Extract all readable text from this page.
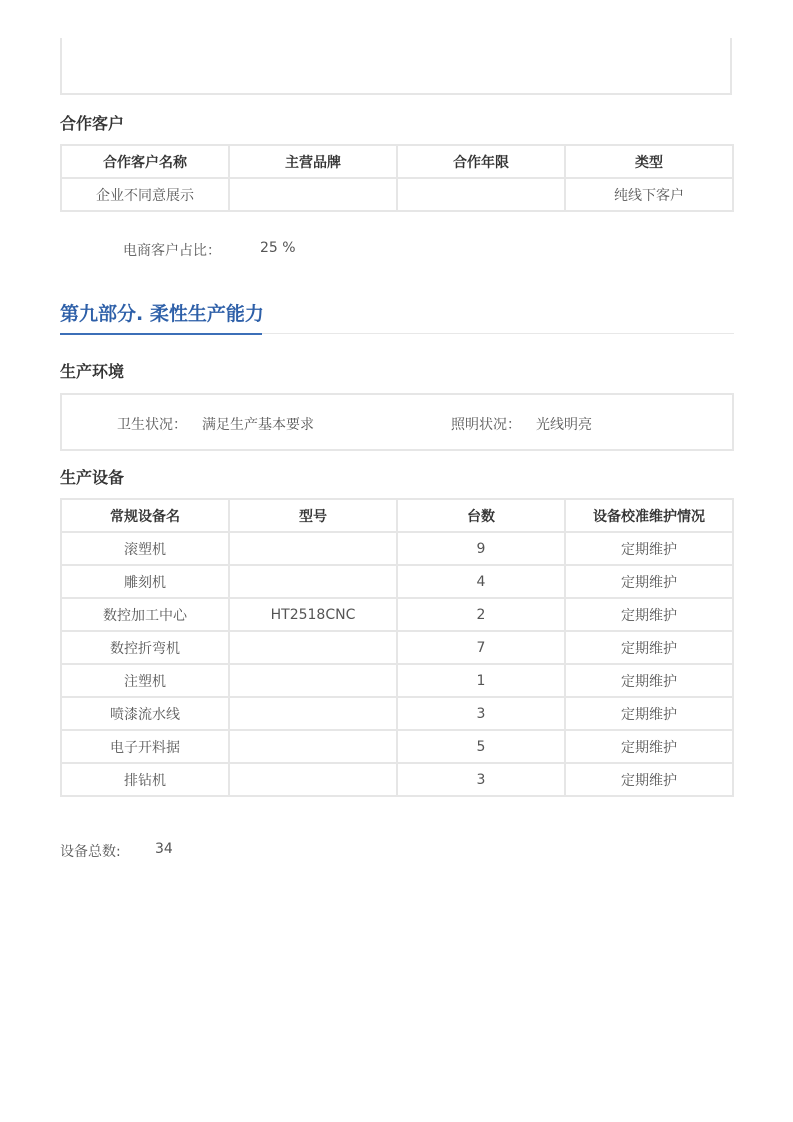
合作客户
合作客户名称	主营品牌	合作年限	类型
企业不同意展示			纯线下客户
电商客户占比：	25 %
第九部分. 柔性生产能力
生产环境
卫生状况： 满足生产基本要求	照明状况： 光线明亮
生产设备
常规设备名	型号	台数	设备校准维护情况
滚塑机		9	定期维护
雕刻机		4	定期维护
数控加工中心	HT2518CNC	2	定期维护
数控折弯机		7	定期维护
注塑机		1	定期维护
喷漆流水线		3	定期维护
电子开料据		5	定期维护
排钻机		3	定期维护
设备总数: 34
